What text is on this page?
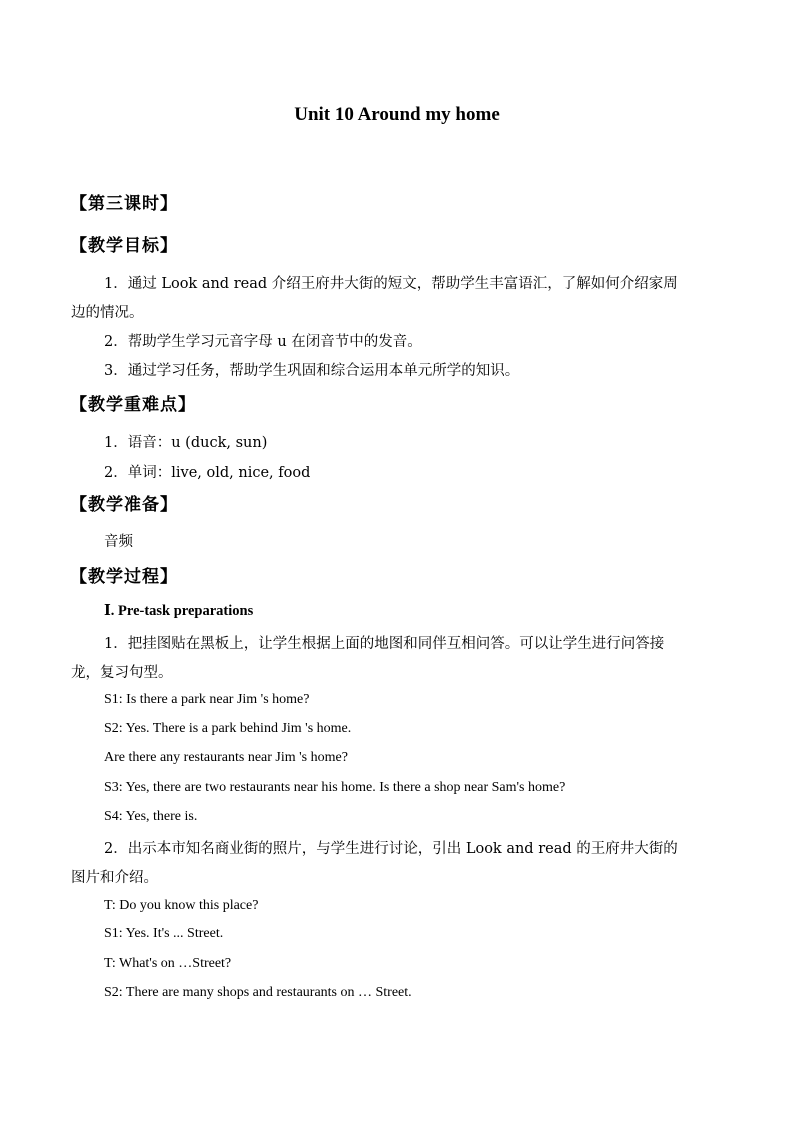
Unit 10 Around my home
【第三课时】
【教学目标】
1．通过 Look and read 介绍王府井大街的短文，帮助学生丰富语汇，了解如何介绍家周
边的情况。
2．帮助学生学习元音字母 u 在闭音节中的发音。
3．通过学习任务，帮助学生巩固和综合运用本单元所学的知识。
【教学重难点】
1．语音：u (duck, sun)
2．单词：live, old, nice, food
【教学准备】
音频
【教学过程】
Ⅰ. Pre-task preparations
1．把挂图贴在黑板上，让学生根据上面的地图和同伴互相问答。可以让学生进行问答接
龙，复习句型。
S1: Is there a park near Jim 's home?
S2: Yes. There is a park behind Jim 's home.
Are there any restaurants near Jim 's home?
S3: Yes, there are two restaurants near his home. Is there a shop near Sam's home?
S4: Yes, there is.
2．出示本市知名商业街的照片，与学生进行讨论，引出 Look and read 的王府井大街的
图片和介绍。
T: Do you know this place?
S1: Yes. It's ... Street.
T: What's on …Street?
S2: There are many shops and restaurants on … Street.
